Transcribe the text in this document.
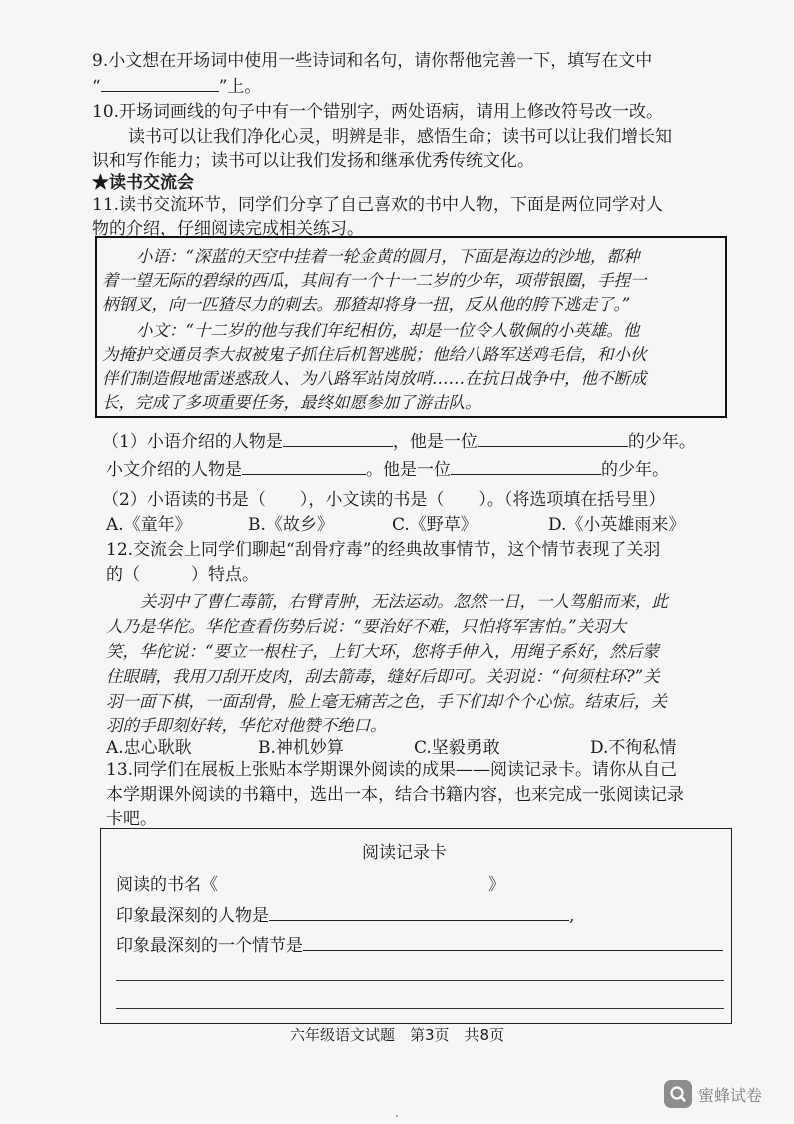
9.小文想在开场词中使用一些诗词和名句，请你帮他完善一下，填写在文中
“	”上。
10.开场词画线的句子中有一个错别字，两处语病，请用上修改符号改一改。
读书可以让我们净化心灵，明辨是非，感悟生命；读书可以让我们增长知
识和写作能力；读书可以让我们发扬和继承优秀传统文化。
★读书交流会
11.读书交流环节，同学们分享了自己喜欢的书中人物，下面是两位同学对人
物的介绍，仔细阅读完成相关练习。
小语：“深蓝的天空中挂着一轮金黄的圆月，下面是海边的沙地，都种
着一望无际的碧绿的西瓜，其间有一个十一二岁的少年，项带银圈，手捏一
柄钢叉，向一匹猹尽力的刺去。那猹却将身一扭，反从他的胯下逃走了。”
小文：“十二岁的他与我们年纪相仿，却是一位令人敬佩的小英雄。他
为掩护交通员李大叔被鬼子抓住后机智逃脱；他给八路军送鸡毛信，和小伙
伴们制造假地雷迷惑敌人、为八路军站岗放哨……在抗日战争中，他不断成
长，完成了多项重要任务，最终如愿参加了游击队。
（1）小语介绍的人物是	，他是一位	的少年。
小文介绍的人物是	。他是一位	的少年。
（2）小语读的书是（　　），小文读的书是（　　）。（将选项填在括号里）
A.《童年》	B.《故乡》	C.《野草》	D.《小英雄雨来》
12.交流会上同学们聊起“刮骨疗毒”的经典故事情节，这个情节表现了关羽
的（　　　）特点。
关羽中了曹仁毒箭，右臂青肿，无法运动。忽然一日，一人驾船而来，此
人乃是华佗。华佗查看伤势后说：“要治好不难，只怕将军害怕。”关羽大
笑，华佗说：“要立一根柱子，上钉大环，您将手伸入，用绳子系好，然后蒙
住眼睛，我用刀刮开皮肉，刮去箭毒，缝好后即可。关羽说：“何须柱环?”关
羽一面下棋，一面刮骨，脸上毫无痛苦之色，手下们却个个心惊。结束后，关
羽的手即刻好转，华佗对他赞不绝口。
A.忠心耿耿	B.神机妙算	C.坚毅勇敢	D.不徇私情
13.同学们在展板上张贴本学期课外阅读的成果——阅读记录卡。请你从自己
本学期课外阅读的书籍中，选出一本，结合书籍内容，也来完成一张阅读记录
卡吧。
阅读记录卡
阅读的书名《	》
印象最深刻的人物是	,
印象最深刻的一个情节是
六年级语文试题　第3页　共8页
蜜蜂试卷
